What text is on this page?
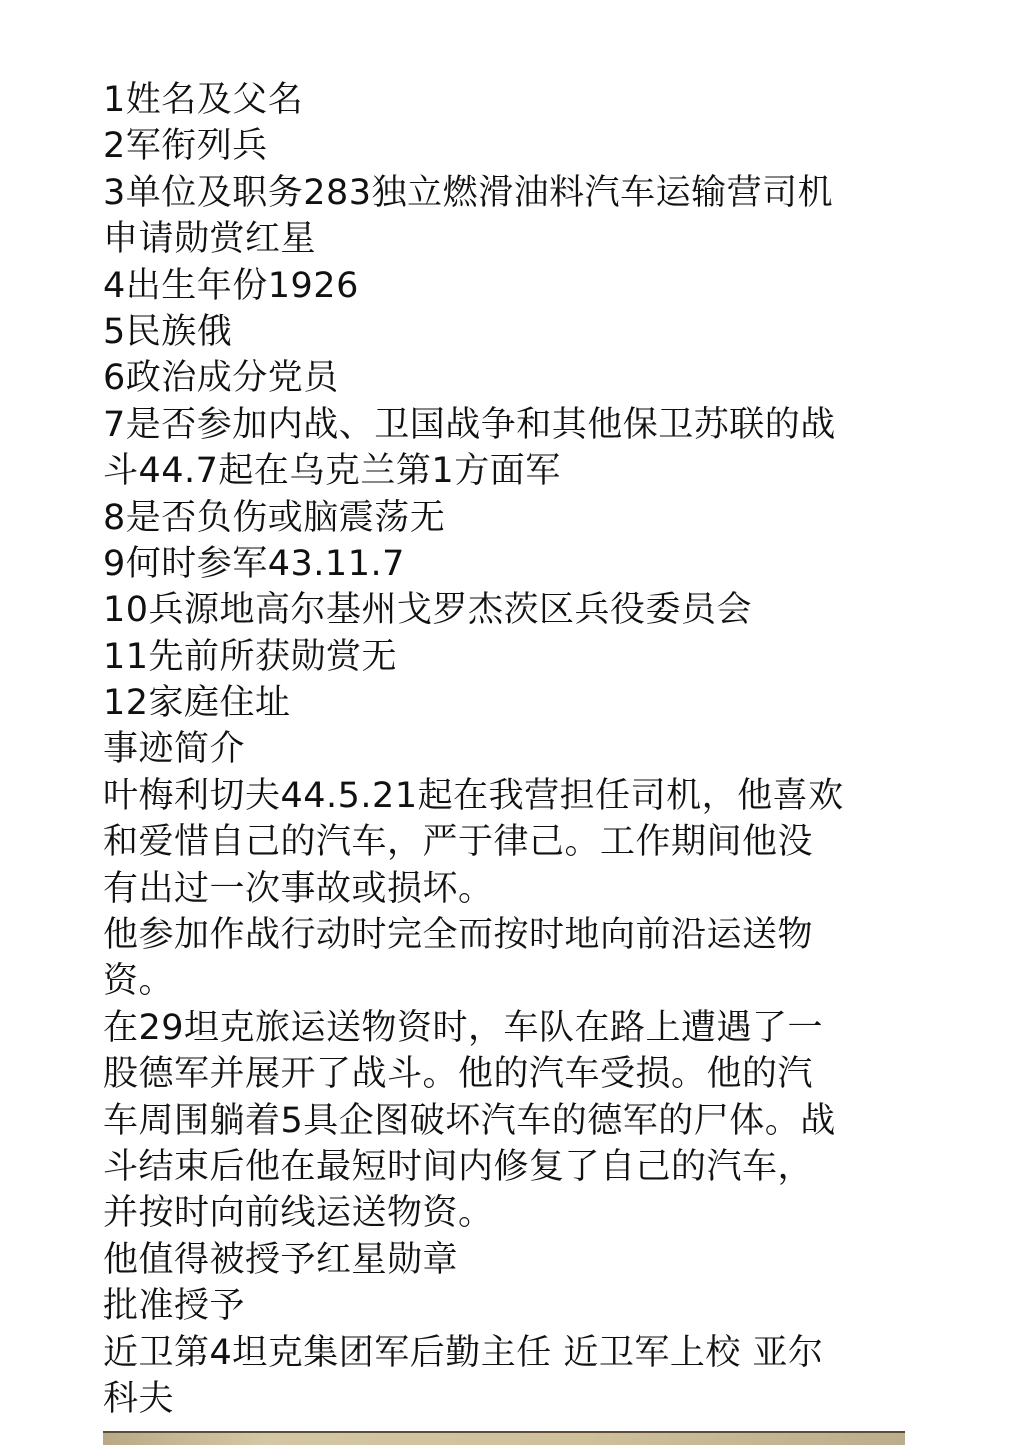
1姓名及父名
2军衔列兵
3单位及职务283独立燃滑油料汽车运输营司机
申请勋赏红星
4出生年份1926
5民族俄
6政治成分党员
7是否参加内战、卫国战争和其他保卫苏联的战
斗44.7起在乌克兰第1方面军
8是否负伤或脑震荡无
9何时参军43.11.7
10兵源地高尔基州戈罗杰茨区兵役委员会
11先前所获勋赏无
12家庭住址
事迹简介
叶梅利切夫44.5.21起在我营担任司机，他喜欢
和爱惜自己的汽车，严于律己。工作期间他没
有出过一次事故或损坏。
他参加作战行动时完全而按时地向前沿运送物
资。
在29坦克旅运送物资时，车队在路上遭遇了一
股德军并展开了战斗。他的汽车受损。他的汽
车周围躺着5具企图破坏汽车的德军的尸体。战
斗结束后他在最短时间内修复了自己的汽车，
并按时向前线运送物资。
他值得被授予红星勋章
批准授予
近卫第4坦克集团军后勤主任 近卫军上校 亚尔
科夫
